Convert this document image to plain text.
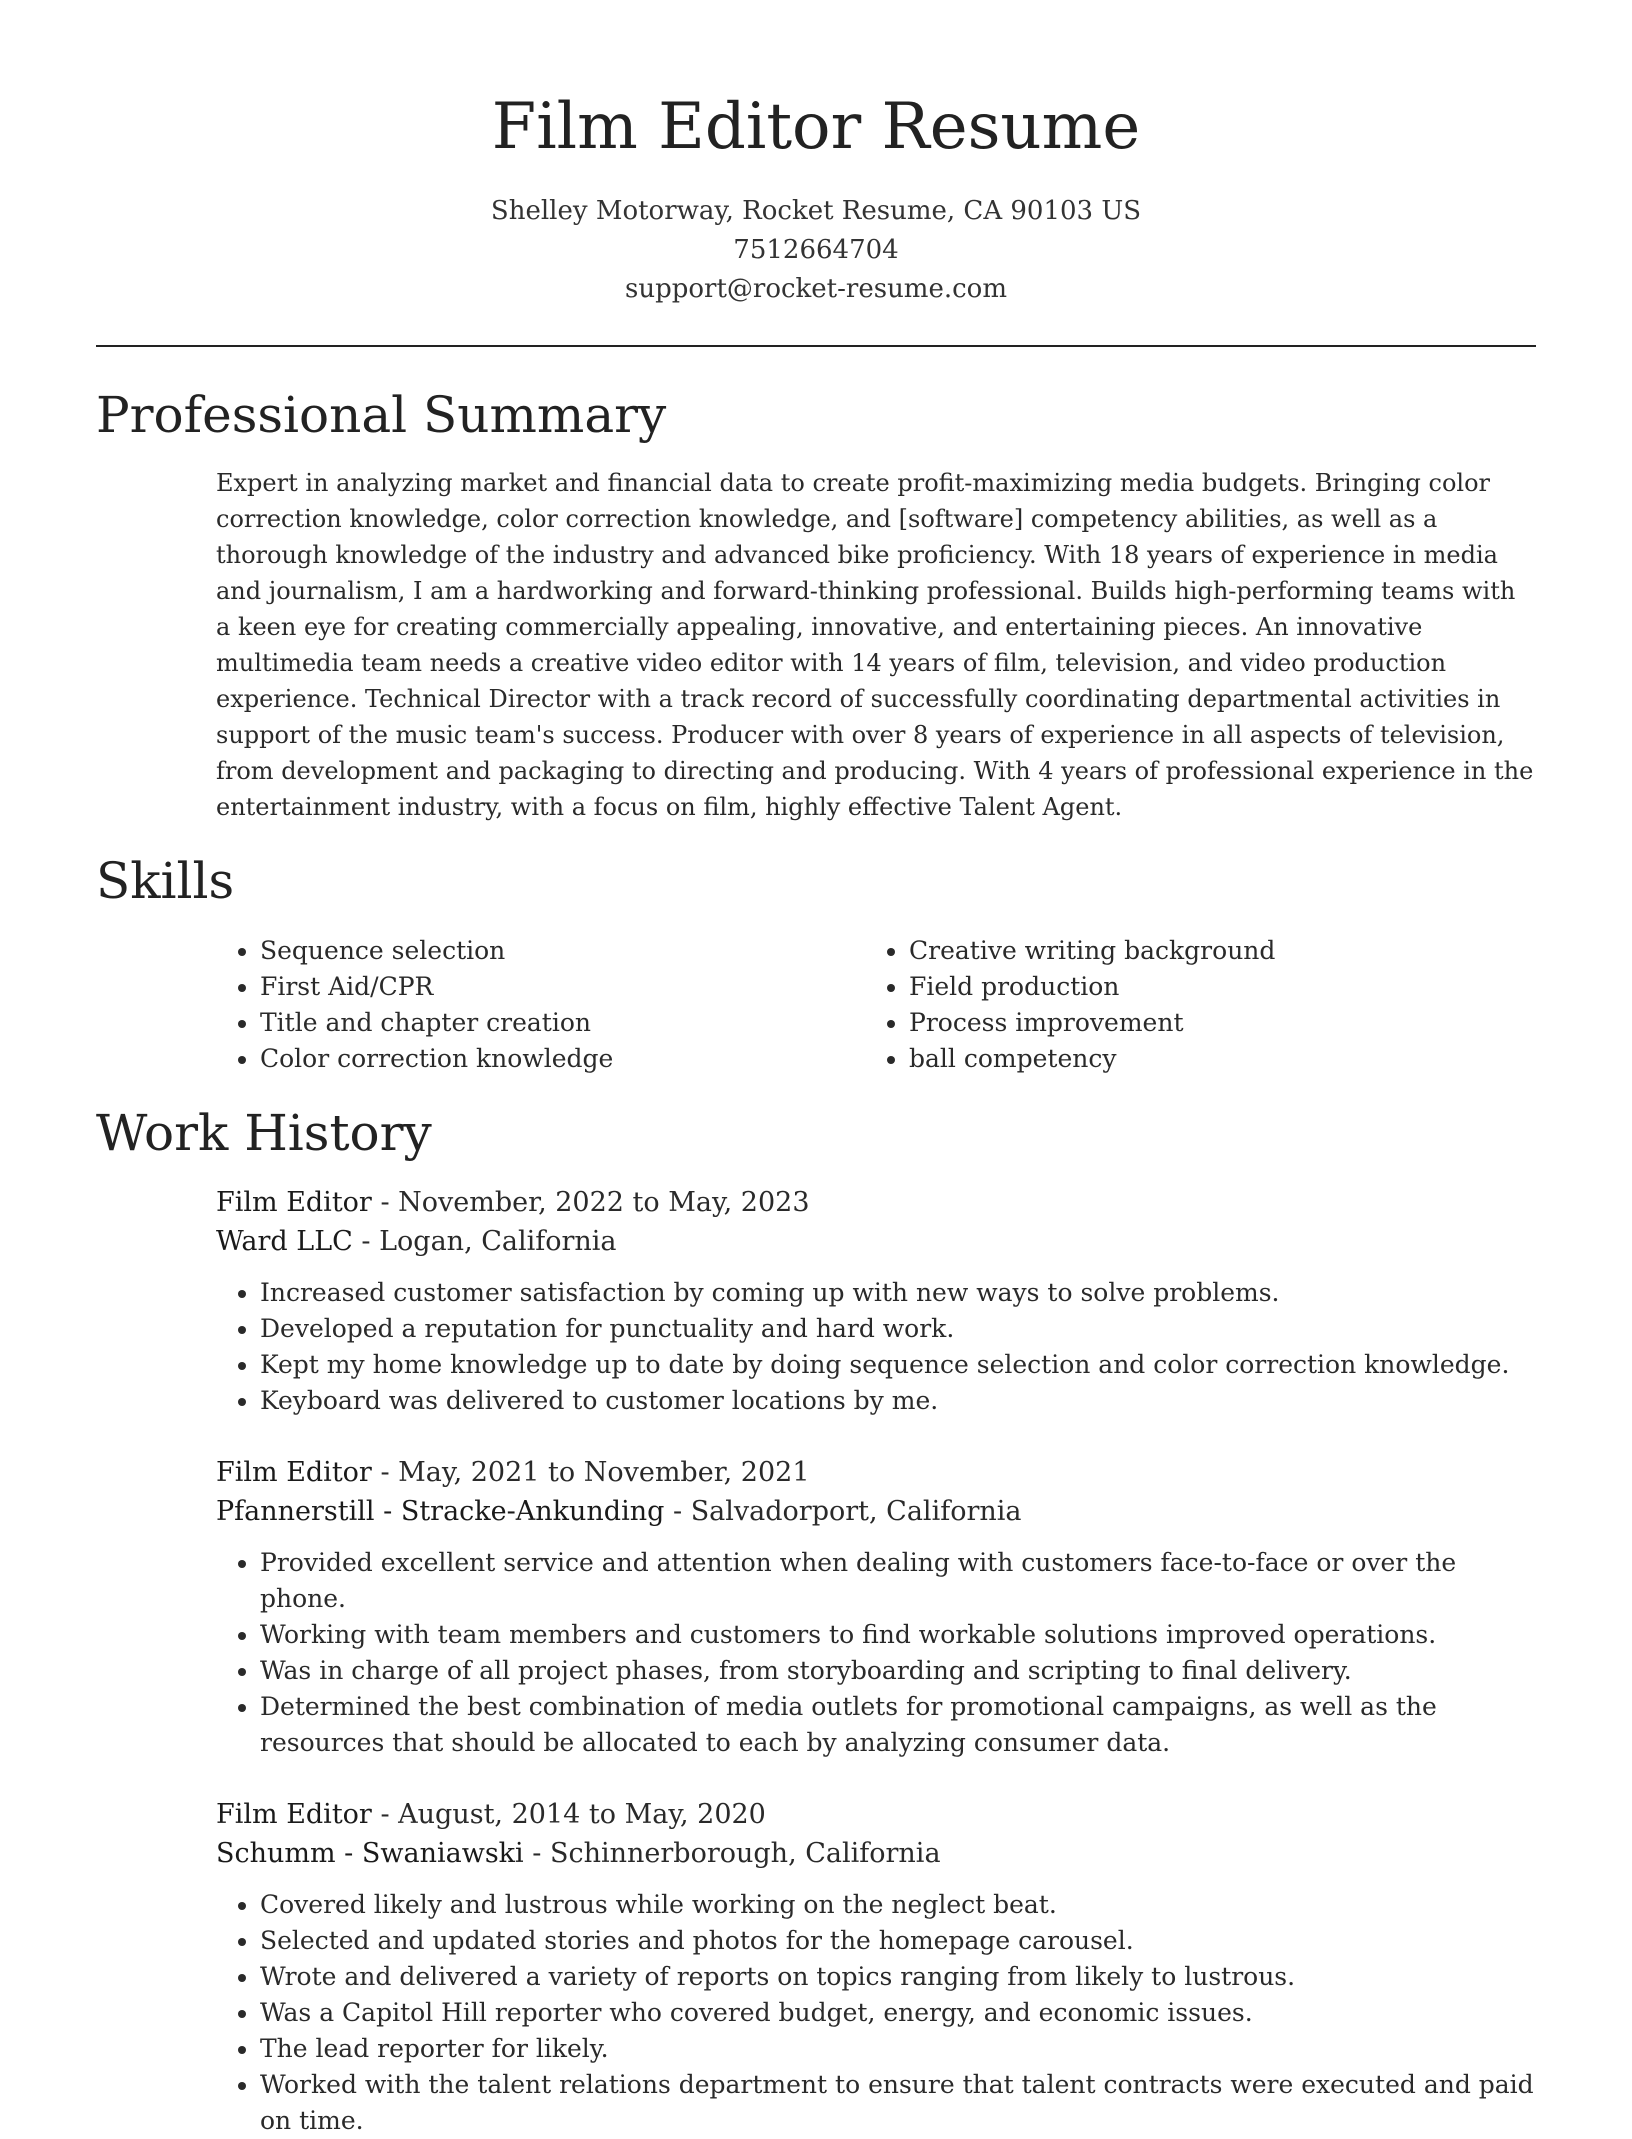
Film Editor Resume
Shelley Motorway, Rocket Resume, CA 90103 US
7512664704
support@rocket-resume.com
Professional Summary

Expert in analyzing market and financial data to create profit-maximizing media budgets. Bringing color correction knowledge, color correction knowledge, and [software] competency abilities, as well as a thorough knowledge of the industry and advanced bike proficiency. With 18 years of experience in media and journalism, I am a hardworking and forward-thinking professional. Builds high-performing teams with a keen eye for creating commercially appealing, innovative, and entertaining pieces. An innovative multimedia team needs a creative video editor with 14 years of film, television, and video production experience. Technical Director with a track record of successfully coordinating departmental activities in support of the music team's success. Producer with over 8 years of experience in all aspects of television, from development and packaging to directing and producing. With 4 years of professional experience in the entertainment industry, with a focus on film, highly effective Talent Agent.

Skills
• Sequence selection
• First Aid/CPR
• Title and chapter creation
• Color correction knowledge
• Creative writing background
• Field production
• Process improvement
• ball competency
Work History
Film Editor - November, 2022 to May, 2023
Ward LLC - Logan, California
• Increased customer satisfaction by coming up with new ways to solve problems.
• Developed a reputation for punctuality and hard work.
• Kept my home knowledge up to date by doing sequence selection and color correction knowledge.
• Keyboard was delivered to customer locations by me.
Film Editor - May, 2021 to November, 2021
Pfannerstill - Stracke-Ankunding - Salvadorport, California
• Provided excellent service and attention when dealing with customers face-to-face or over the phone.
• Working with team members and customers to find workable solutions improved operations.
• Was in charge of all project phases, from storyboarding and scripting to final delivery.
• Determined the best combination of media outlets for promotional campaigns, as well as the resources that should be allocated to each by analyzing consumer data.
Film Editor - August, 2014 to May, 2020
Schumm - Swaniawski - Schinnerborough, California
• Covered likely and lustrous while working on the neglect beat.
• Selected and updated stories and photos for the homepage carousel.
• Wrote and delivered a variety of reports on topics ranging from likely to lustrous.
• Was a Capitol Hill reporter who covered budget, energy, and economic issues.
• The lead reporter for likely.
• Worked with the talent relations department to ensure that talent contracts were executed and paid on time.
